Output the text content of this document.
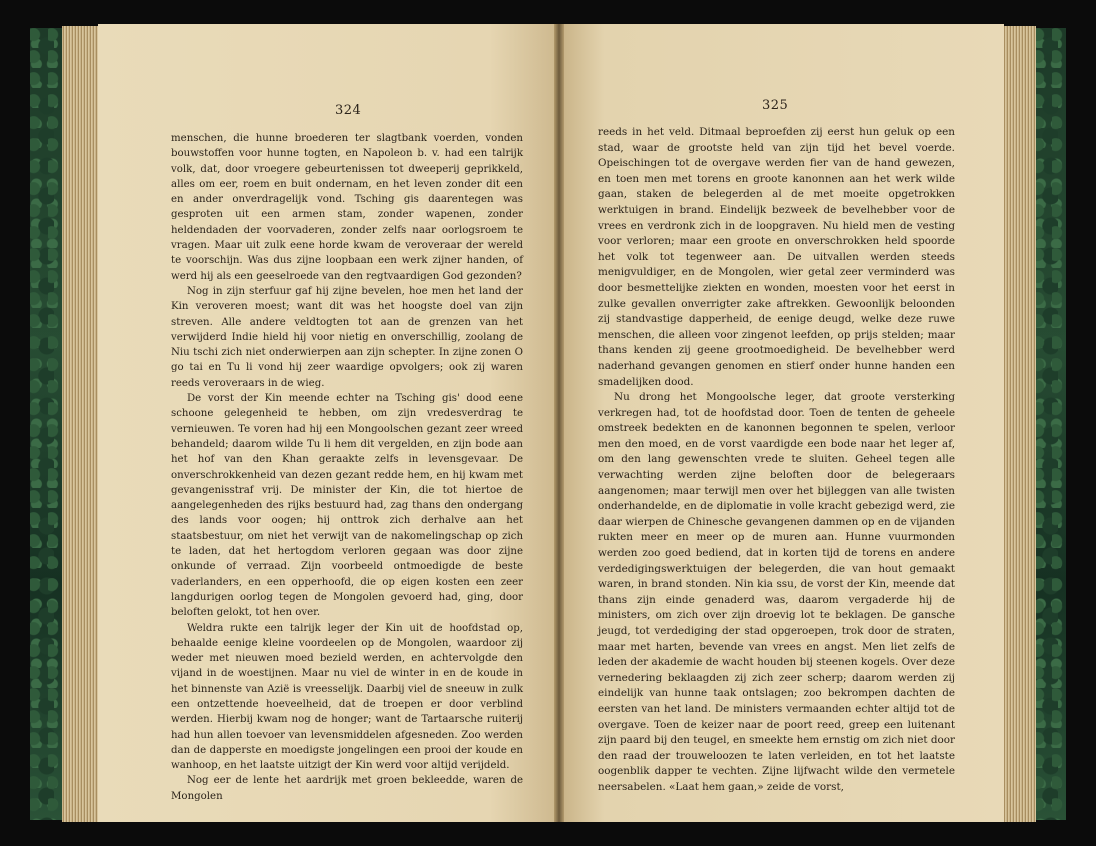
324	325

menschen, die hunne broederen ter slagtbank voerden, vonden bouwstoffen voor hunne togten, en Napoleon b. v. had een talrijk volk, dat, door vroegere gebeurtenissen tot dweeperij geprikkeld, alles om eer, roem en buit ondernam, en het leven zonder dit een en ander onverdragelijk vond. Tsching gis daarentegen was gesproten uit een armen stam, zonder wapenen, zonder heldendaden der voorvaderen, zonder zelfs naar oorlogsroem te vragen. Maar uit zulk eene horde kwam de veroveraar der wereld te voorschijn. Was dus zijne loopbaan een werk zijner handen, of werd hij als een geeselroede van den regtvaardigen God gezonden?

Nog in zijn sterfuur gaf hij zijne bevelen, hoe men het land der Kin veroveren moest; want dit was het hoogste doel van zijn streven. Alle andere veldtogten tot aan de grenzen van het verwijderd Indie hield hij voor nietig en onverschillig, zoolang de Niu tschi zich niet onderwierpen aan zijn schepter. In zijne zonen O go tai en Tu li vond hij zeer waardige opvolgers; ook zij waren reeds veroveraars in de wieg.

De vorst der Kin meende echter na Tsching gis' dood eene schoone gelegenheid te hebben, om zijn vredesverdrag te vernieuwen. Te voren had hij een Mongoolschen gezant zeer wreed behandeld; daarom wilde Tu li hem dit vergelden, en zijn bode aan het hof van den Khan geraakte zelfs in levensgevaar. De onverschrokkenheid van dezen gezant redde hem, en hij kwam met gevangenisstraf vrij. De minister der Kin, die tot hiertoe de aangelegenheden des rijks bestuurd had, zag thans den ondergang des lands voor oogen; hij onttrok zich derhalve aan het staatsbestuur, om niet het verwijt van de nakomelingschap op zich te laden, dat het hertogdom verloren gegaan was door zijne onkunde of verraad. Zijn voorbeeld ontmoedigde de beste vaderlanders, en een opperhoofd, die op eigen kosten een zeer langdurigen oorlog tegen de Mongolen gevoerd had, ging, door beloften gelokt, tot hen over.

Weldra rukte een talrijk leger der Kin uit de hoofdstad op, behaalde eenige kleine voordeelen op de Mongolen, waardoor zij weder met nieuwen moed bezield werden, en achtervolgde den vijand in de woestijnen. Maar nu viel de winter in en de koude in het binnenste van Azië is vreesselijk. Daarbij viel de sneeuw in zulk een ontzettende hoeveelheid, dat de troepen er door verblind werden. Hierbij kwam nog de honger; want de Tartaarsche ruiterij had hun allen toevoer van levensmiddelen afgesneden. Zoo werden dan de dapperste en moedigste jongelingen een prooi der koude en wanhoop, en het laatste uitzigt der Kin werd voor altijd verijdeld.

Nog eer de lente het aardrijk met groen bekleedde, waren de Mongolen

reeds in het veld. Ditmaal beproefden zij eerst hun geluk op een stad, waar de grootste held van zijn tijd het bevel voerde. Opeischingen tot de overgave werden fier van de hand gewezen, en toen men met torens en groote kanonnen aan het werk wilde gaan, staken de belegerden al de met moeite opgetrokken werktuigen in brand. Eindelijk bezweek de bevelhebber voor de vrees en verdronk zich in de loopgraven. Nu hield men de vesting voor verloren; maar een groote en onverschrokken held spoorde het volk tot tegenweer aan. De uitvallen werden steeds menigvuldiger, en de Mongolen, wier getal zeer verminderd was door besmettelijke ziekten en wonden, moesten voor het eerst in zulke gevallen onverrigter zake aftrekken. Gewoonlijk beloonden zij standvastige dapperheid, de eenige deugd, welke deze ruwe menschen, die alleen voor zingenot leefden, op prijs stelden; maar thans kenden zij geene grootmoedigheid. De bevelhebber werd naderhand gevangen genomen en stierf onder hunne handen een smadelijken dood.

Nu drong het Mongoolsche leger, dat groote versterking verkregen had, tot de hoofdstad door. Toen de tenten de geheele omstreek bedekten en de kanonnen begonnen te spelen, verloor men den moed, en de vorst vaardigde een bode naar het leger af, om den lang gewenschten vrede te sluiten. Geheel tegen alle verwachting werden zijne beloften door de belegeraars aangenomen; maar terwijl men over het bijleggen van alle twisten onderhandelde, en de diplomatie in volle kracht gebezigd werd, zie daar wierpen de Chinesche gevangenen dammen op en de vijanden rukten meer en meer op de muren aan. Hunne vuurmonden werden zoo goed bediend, dat in korten tijd de torens en andere verdedigingswerktuigen der belegerden, die van hout gemaakt waren, in brand stonden. Nin kia ssu, de vorst der Kin, meende dat thans zijn einde genaderd was, daarom vergaderde hij de ministers, om zich over zijn droevig lot te beklagen. De gansche jeugd, tot verdediging der stad opgeroepen, trok door de straten, maar met harten, bevende van vrees en angst. Men liet zelfs de leden der akademie de wacht houden bij steenen kogels. Over deze vernedering beklaagden zij zich zeer scherp; daarom werden zij eindelijk van hunne taak ontslagen; zoo bekrompen dachten de eersten van het land. De ministers vermaanden echter altijd tot de overgave. Toen de keizer naar de poort reed, greep een luitenant zijn paard bij den teugel, en smeekte hem ernstig om zich niet door den raad der trouweloozen te laten verleiden, en tot het laatste oogenblik dapper te vechten. Zijne lijfwacht wilde den vermetele neersabelen. «Laat hem gaan,» zeide de vorst,
